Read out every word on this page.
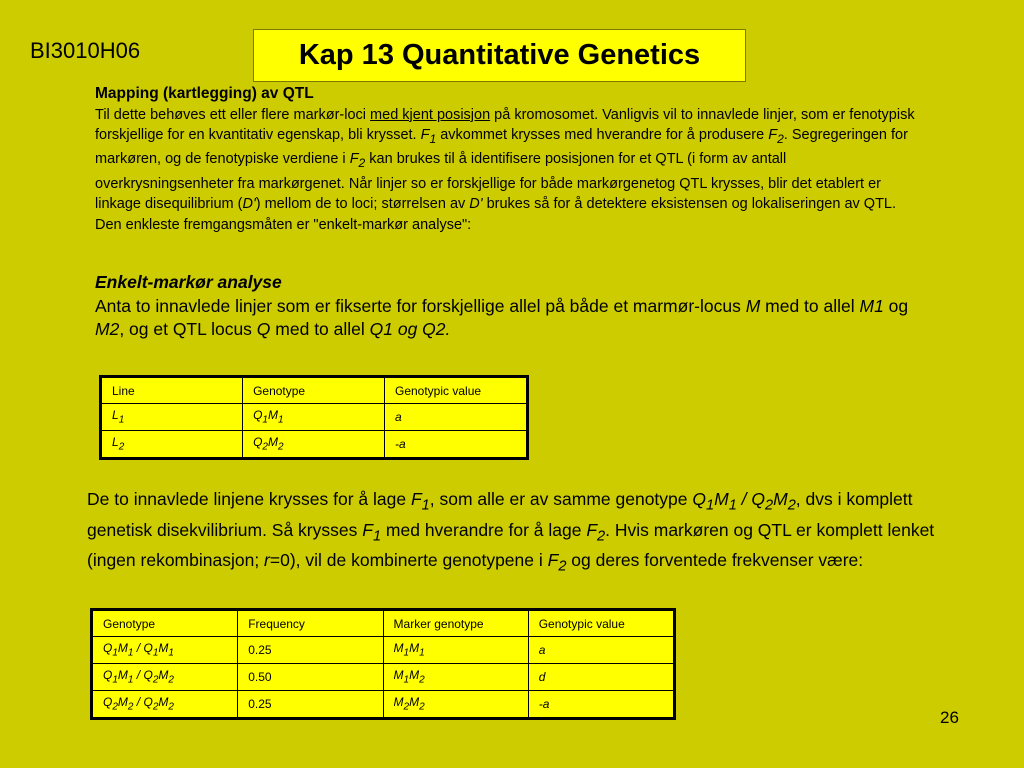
BI3010H06	Kap 13 Quantitative Genetics
Mapping (kartlegging) av QTL
Til dette behøves ett eller flere markør-loci med kjent posisjon på kromosomet. Vanligvis vil to innavlede linjer, som er fenotypisk forskjellige for en kvantitativ egenskap, bli krysset. $F_1$ avkommet krysses med hverandre for å produsere $F_2$. Segregeringen for markøren, og de fenotypiske verdiene i $F_2$ kan brukes til å identifisere posisjonen for et QTL (i form av antall overkrysningsenheter fra markørgenet. Når linjer so er forskjellige for både markørgenetog QTL krysses, blir det etablert er linkage disequilibrium (D') mellom de to loci; størrelsen av D' brukes så for å detektere eksistensen og lokaliseringen av QTL. Den enkleste fremgangsmåten er "enkelt-markør analyse":
Enkelt-markør analyse
Anta to innavlede linjer som er fikserte for forskjellige allel på både et marmør-locus M med to allel M1 og M2, og et QTL locus Q med to allel Q1 og Q2.
Line	Genotype	Genotypic value
$L_1$	$Q_1M_1$	a
$L_2$	$Q_2M_2$	-a
De to innavlede linjene krysses for å lage $F_1$, som alle er av samme genotype $Q_1M_1 / Q_2M_2$, dvs i komplett genetisk disekvilibrium. Så krysses $F_1$ med hverandre for å lage $F_2$. Hvis markøren og QTL er komplett lenket (ingen rekombinasjon; r=0), vil de kombinerte genotypene i $F_2$ og deres forventede frekvenser være:
Genotype	Frequency	Marker genotype	Genotypic value
$Q_1M_1 / Q_1M_1$	0.25	$M_1M_1$	a
$Q_1M_1 / Q_2M_2$	0.50	$M_1M_2$	d
$Q_2M_2 / Q_2M_2$	0.25	$M_2M_2$	-a
26
